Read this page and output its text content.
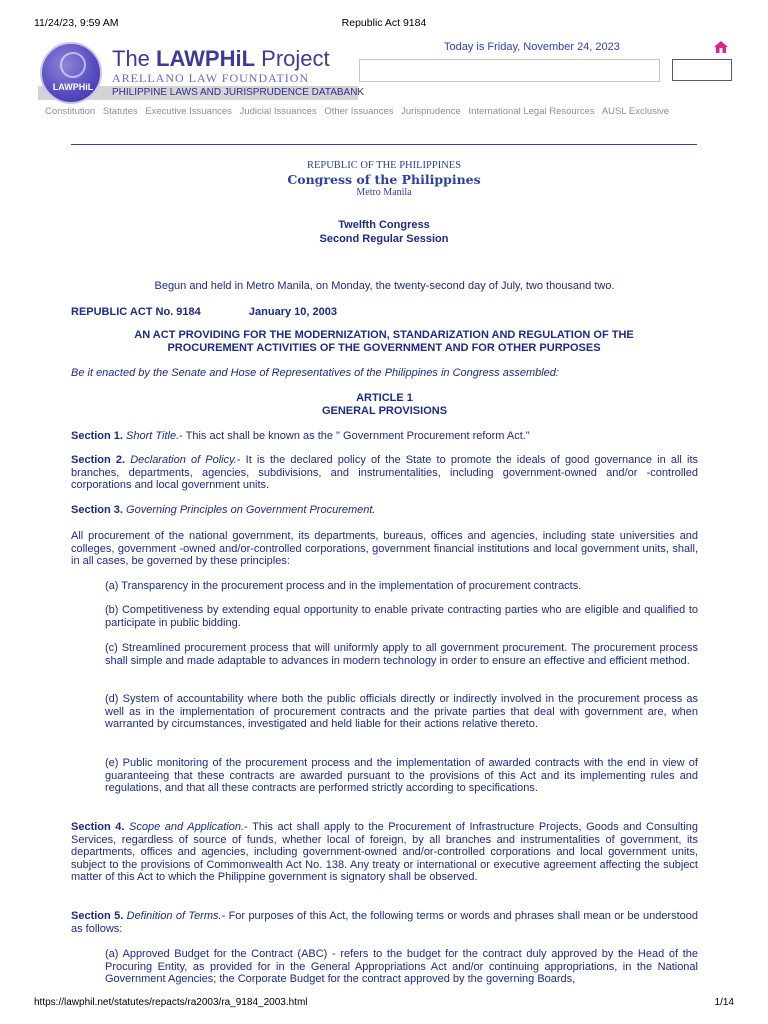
11/24/23, 9:59 AM	Republic Act 9184
PHILIPPINE LAWS AND JURISPRUDENCE DATABANK
LAWPHiL
The LAWPHiL Project
ARELLANO LAW FOUNDATION
Today is Friday, November 24, 2023
Constitution Statutes Executive Issuances Judicial Issuances Other Issuances Jurisprudence International Legal Resources AUSL Exclusive
REPUBLIC OF THE PHILIPPINES
Congress of the Philippines
Metro Manila
Twelfth Congress
Second Regular Session
Begun and held in Metro Manila, on Monday, the twenty-second day of July, two thousand two.
REPUBLIC ACT No. 9184	January 10, 2003
AN ACT PROVIDING FOR THE MODERNIZATION, STANDARIZATION AND REGULATION OF THE PROCUREMENT ACTIVITIES OF THE GOVERNMENT AND FOR OTHER PURPOSES
Be it enacted by the Senate and Hose of Representatives of the Philippines in Congress assembled:
ARTICLE 1
GENERAL PROVISIONS
Section 1. Short Title.- This act shall be known as the " Government Procurement reform Act."
Section 2. Declaration of Policy.- It is the declared policy of the State to promote the ideals of good governance in all its branches, departments, agencies, subdivisions, and instrumentalities, including government-owned and/or -controlled corporations and local government units.
Section 3. Governing Principles on Government Procurement.
All procurement of the national government, its departments, bureaus, offices and agencies, including state universities and colleges, government -owned and/or-controlled corporations, government financial institutions and local government units, shall, in all cases, be governed by these principles:
(a) Transparency in the procurement process and in the implementation of procurement contracts.
(b) Competitiveness by extending equal opportunity to enable private contracting parties who are eligible and qualified to participate in public bidding.
(c) Streamlined procurement process that will uniformly apply to all government procurement. The procurement process shall simple and made adaptable to advances in modern technology in order to ensure an effective and efficient method.
(d) System of accountability where both the public officials directly or indirectly involved in the procurement process as well as in the implementation of procurement contracts and the private parties that deal with government are, when warranted by circumstances, investigated and held liable for their actions relative thereto.
(e) Public monitoring of the procurement process and the implementation of awarded contracts with the end in view of guaranteeing that these contracts are awarded pursuant to the provisions of this Act and its implementing rules and regulations, and that all these contracts are performed strictly according to specifications.
Section 4. Scope and Application.- This act shall apply to the Procurement of Infrastructure Projects, Goods and Consulting Services, regardless of source of funds, whether local of foreign, by all branches and instrumentalities of government, its departments, offices and agencies, including government-owned and/or-controlled corporations and local government units, subject to the provisions of Commonwealth Act No. 138. Any treaty or international or executive agreement affecting the subject matter of this Act to which the Philippine government is signatory shall be observed.
Section 5. Definition of Terms.- For purposes of this Act, the following terms or words and phrases shall mean or be understood as follows:
(a) Approved Budget for the Contract (ABC) - refers to the budget for the contract duly approved by the Head of the Procuring Entity, as provided for in the General Appropriations Act and/or continuing appropriations, in the National Government Agencies; the Corporate Budget for the contract approved by the governing Boards,
https://lawphil.net/statutes/repacts/ra2003/ra_9184_2003.html	1/14
